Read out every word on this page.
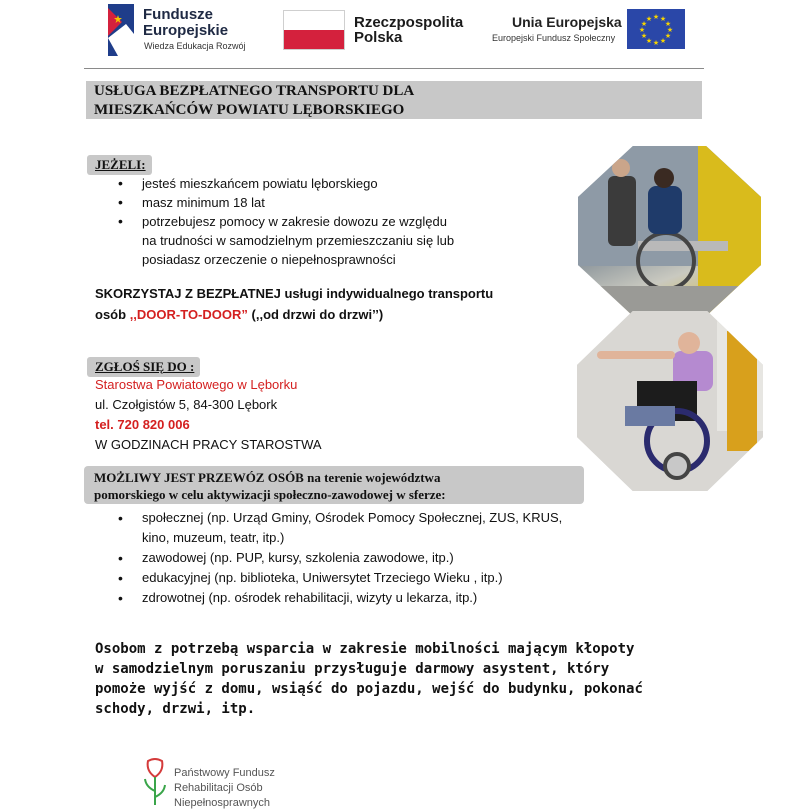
Fundusze
Europejskie
Wiedza Edukacja Rozwój
Rzeczpospolita
Polska
Unia Europejska
Europejski Fundusz Społeczny
★ ★
★
★
★
★
★
★
★
★
★
★
USŁUGA BEZPŁATNEGO TRANSPORTU DLA
MIESZKAŃCÓW POWIATU LĘBORSKIEGO
JEŻELI:
• jesteś mieszkańcem powiatu lęborskiego
• masz minimum 18 lat
• potrzebujesz pomocy w zakresie dowozu ze względu
na trudności w samodzielnym przemieszczaniu się lub
posiadasz orzeczenie o niepełnosprawności
SKORZYSTAJ Z BEZPŁATNEJ usługi indywidualnego transportu
osób ,,DOOR-TO-DOOR” (,,od drzwi do drzwi’’)
ZGŁOŚ SIĘ DO :
Starostwa Powiatowego w Lęborku
ul. Czołgistów 5, 84-300 Lębork
tel. 720 820 006
W GODZINACH PRACY STAROSTWA
MOŻLIWY JEST PRZEWÓZ OSÓB na terenie województwa
pomorskiego w celu aktywizacji społeczno-zawodowej w sferze:
• społecznej (np. Urząd Gminy, Ośrodek Pomocy Społecznej, ZUS, KRUS,
kino, muzeum, teatr, itp.)
• zawodowej (np. PUP, kursy, szkolenia zawodowe, itp.)
• edukacyjnej (np. biblioteka, Uniwersytet Trzeciego Wieku , itp.)
• zdrowotnej (np. ośrodek rehabilitacji, wizyty u lekarza, itp.)
Osobom z potrzebą wsparcia w zakresie mobilności mającym kłopoty
w samodzielnym poruszaniu przysługuje darmowy asystent, który
pomoże wyjść z domu, wsiąść do pojazdu, wejść do budynku, pokonać
schody, drzwi, itp.
Państwowy Fundusz
Rehabilitacji Osób
Niepełnosprawnych
